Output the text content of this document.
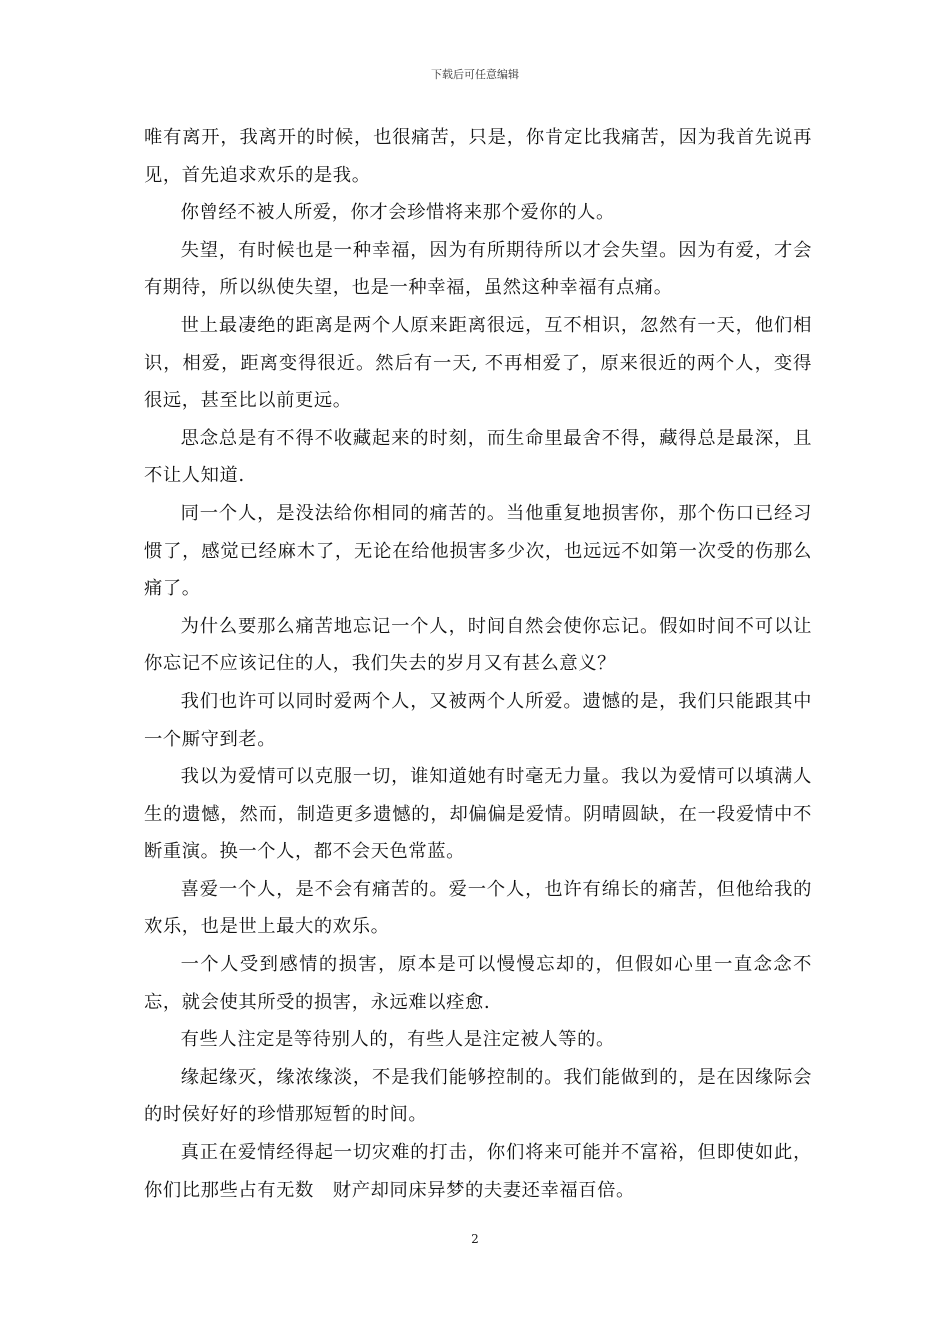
下载后可任意编辑

唯有离开，我离开的时候，也很痛苦，只是，你肯定比我痛苦，因为我首先说再见，首先追求欢乐的是我。

你曾经不被人所爱，你才会珍惜将来那个爱你的人。

失望，有时候也是一种幸福，因为有所期待所以才会失望。因为有爱，才会有期待，所以纵使失望，也是一种幸福，虽然这种幸福有点痛。

世上最凄绝的距离是两个人原来距离很远，互不相识，忽然有一天，他们相识，相爱，距离变得很近。然后有一天, 不再相爱了，原来很近的两个人，变得很远，甚至比以前更远。

思念总是有不得不收藏起来的时刻，而生命里最舍不得，藏得总是最深，且不让人知道.

同一个人，是没法给你相同的痛苦的。当他重复地损害你，那个伤口已经习惯了，感觉已经麻木了，无论在给他损害多少次，也远远不如第一次受的伤那么痛了。

为什么要那么痛苦地忘记一个人，时间自然会使你忘记。假如时间不可以让你忘记不应该记住的人，我们失去的岁月又有甚么意义？

我们也许可以同时爱两个人，又被两个人所爱。遗憾的是，我们只能跟其中一个厮守到老。

我以为爱情可以克服一切，谁知道她有时毫无力量。我以为爱情可以填满人生的遗憾，然而，制造更多遗憾的，却偏偏是爱情。阴晴圆缺，在一段爱情中不断重演。换一个人，都不会天色常蓝。

喜爱一个人，是不会有痛苦的。爱一个人，也许有绵长的痛苦，但他给我的欢乐，也是世上最大的欢乐。

一个人受到感情的损害，原本是可以慢慢忘却的，但假如心里一直念念不忘，就会使其所受的损害，永远难以痊愈.

有些人注定是等待别人的，有些人是注定被人等的。

缘起缘灭，缘浓缘淡，不是我们能够控制的。我们能做到的，是在因缘际会的时侯好好的珍惜那短暂的时间。

真正在爱情经得起一切灾难的打击，你们将来可能并不富裕，但即使如此，你们比那些占有无数　财产却同床异梦的夫妻还幸福百倍。

2
